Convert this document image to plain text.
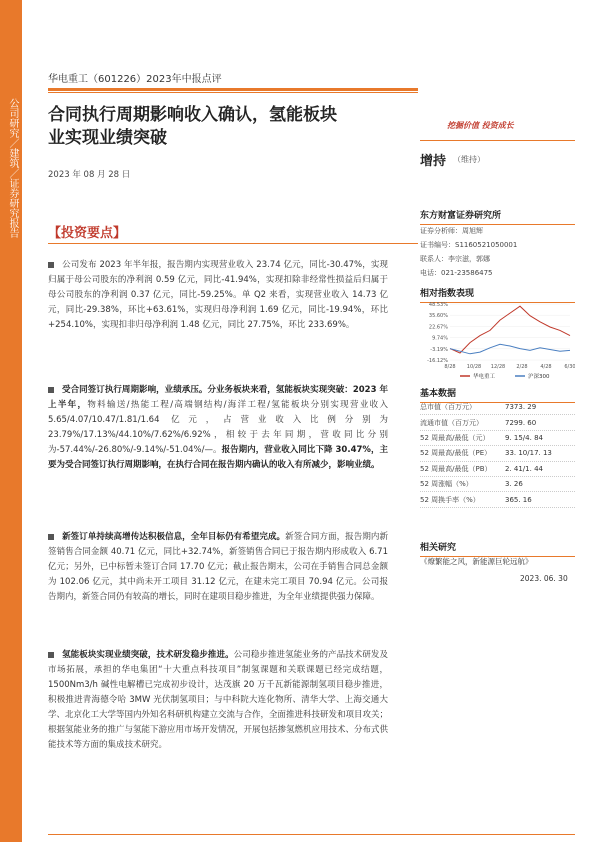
公司研究／建筑／证券研究报告
华电重工（601226）2023年中报点评
合同执行周期影响收入确认，氢能板块
业实现业绩突破
2023 年 08 月 28 日
挖掘价值 投资成长
增持 （维持）
【投资要点】
公司发布 2023 年半年报，报告期内实现营业收入 23.74 亿元，同比-30.47%，实现归属于母公司股东的净利润 0.59 亿元，同比-41.94%，实现扣除非经常性损益后归属于母公司股东的净利润 0.37 亿元，同比-59.25%。单 Q2 来看，实现营业收入 14.73 亿元，同比-29.38%，环比+63.61%，实现归母净利润 1.69 亿元，同比-19.94%，环比+254.10%，实现扣非归母净利润 1.48 亿元，同比 27.75%，环比 233.69%。
受合同签订执行周期影响，业绩承压。分业务板块来看，氢能板块实现突破：2023 年上半年，物料输送/热能工程/高端钢结构/海洋工程/氢能板块分别实现营业收入 5.65/4.07/10.47/1.81/1.64 亿元，占营业收入比例分别为 23.79%/17.13%/44.10%/7.62%/6.92%，相较于去年同期，营收同比分别为-57.44%/-26.80%/-9.14%/-51.04%/—。报告期内，营业收入同比下降 30.47%，主要为受合同签订执行周期影响，在执行合同在报告期内确认的收入有所减少，影响业绩。
新签订单持续高增传达积极信息，全年目标仍有希望完成。新签合同方面，报告期内新签销售合同金额 40.71 亿元，同比+32.74%，新签销售合同已于报告期内形成收入 6.71 亿元；另外，已中标暂未签订合同 17.70 亿元；截止报告期末，公司在手销售合同总金额为 102.06 亿元，其中尚未开工项目 31.12 亿元，在建未完工项目 70.94 亿元。公司报告期内，新签合同仍有较高的增长，同时在建项目稳步推进，为全年业绩提供强力保障。
氢能板块实现业绩突破，技术研发稳步推进。公司稳步推进氢能业务的产品技术研发及市场拓展，承担的华电集团“十大重点科技项目”制氢课题和关联课题已经完成结题，1500Nm3/h 碱性电解槽已完成初步设计，达茂旗 20 万千瓦新能源制氢项目稳步推进，积极推进青海德令哈 3MW 光伏制氢项目；与中科院大连化物所、清华大学、上海交通大学、北京化工大学等国内外知名科研机构建立交流与合作，全面推进科技研发和项目攻关；根据氢能业务的推广与氢能下游应用市场开发情况，开展包括掺氢燃机应用技术、分布式供能技术等方面的集成技术研究。
东方财富证券研究所
证券分析师：周旭辉
证书编号：S1160521050001
联系人：李宗滋，郭娜
电话：021-23586475
相对指数表现
48.53%
35.60%
22.67%
9.74%
-3.19%
-16.12%
8/28 10/28 12/28 2/28	4/28	6/30
华电重工	沪深300
基本数据
总市值（百万元）	7373. 29
流通市值（百万元）	7299. 60
52 周最高/最低（元）	9. 15/4. 84
52 周最高/最低（PE）	33. 10/17. 13
52 周最高/最低（PB）	2. 41/1. 44
52 周涨幅（%）	3. 26
52 周换手率（%）	365. 16
相关研究
《燎繁能之风，新能源巨轮远航》
2023. 06. 30
